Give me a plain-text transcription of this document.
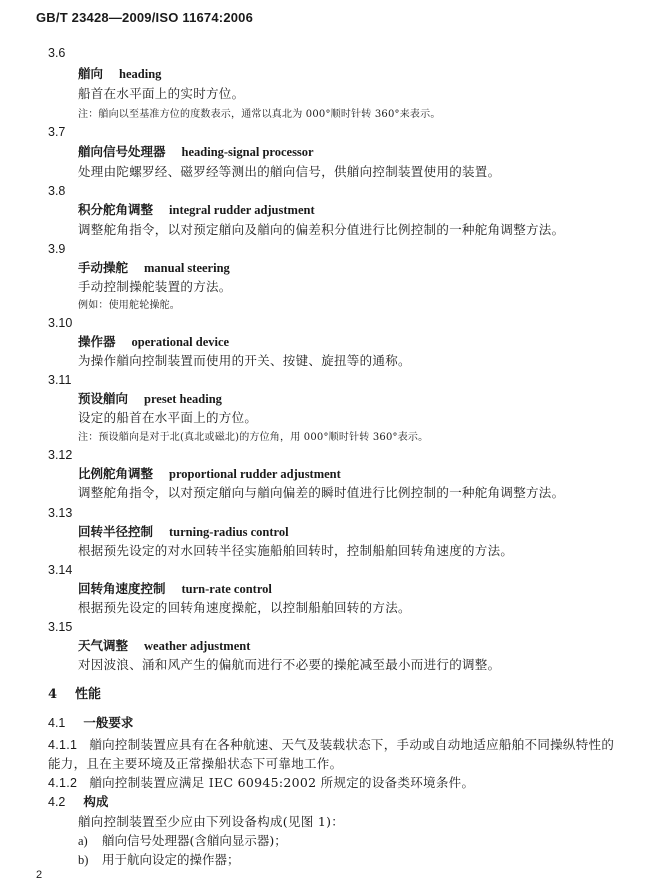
GB/T 23428—2009/ISO 11674:2006
3.6
艏向 heading
船首在水平面上的实时方位。
注：艏向以至基准方位的度数表示，通常以真北为 000°顺时针转 360°来表示。
3.7
艏向信号处理器 heading-signal processor
处理由陀螺罗经、磁罗经等测出的艏向信号，供艏向控制装置使用的装置。
3.8
积分舵角调整 integral rudder adjustment
调整舵角指令，以对预定艏向及艏向的偏差积分值进行比例控制的一种舵角调整方法。
3.9
手动操舵 manual steering
手动控制操舵装置的方法。
例如：使用舵轮操舵。
3.10
操作器 operational device
为操作艏向控制装置而使用的开关、按键、旋扭等的通称。
3.11
预设艏向 preset heading
设定的船首在水平面上的方位。
注：预设艏向是对于北(真北或磁北)的方位角，用 000°顺时针转 360°表示。
3.12
比例舵角调整 proportional rudder adjustment
调整舵角指令，以对预定艏向与艏向偏差的瞬时值进行比例控制的一种舵角调整方法。
3.13
回转半径控制 turning-radius control
根据预先设定的对水回转半径实施船舶回转时，控制船舶回转角速度的方法。
3.14
回转角速度控制 turn-rate control
根据预先设定的回转角速度操舵，以控制船舶回转的方法。
3.15
天气调整 weather adjustment
对因波浪、涌和风产生的偏航而进行不必要的操舵减至最小而进行的调整。
4 性能
4.1 一般要求
4.1.1 艏向控制装置应具有在各种航速、天气及装载状态下，手动或自动地适应船舶不同操纵特性的
能力，且在主要环境及正常操船状态下可靠地工作。
4.1.2 艏向控制装置应满足 IEC 60945:2002 所规定的设备类环境条件。
4.2 构成
艏向控制装置至少应由下列设备构成(见图 1)：
a) 艏向信号处理器(含艏向显示器)；
b) 用于航向设定的操作器；
2
